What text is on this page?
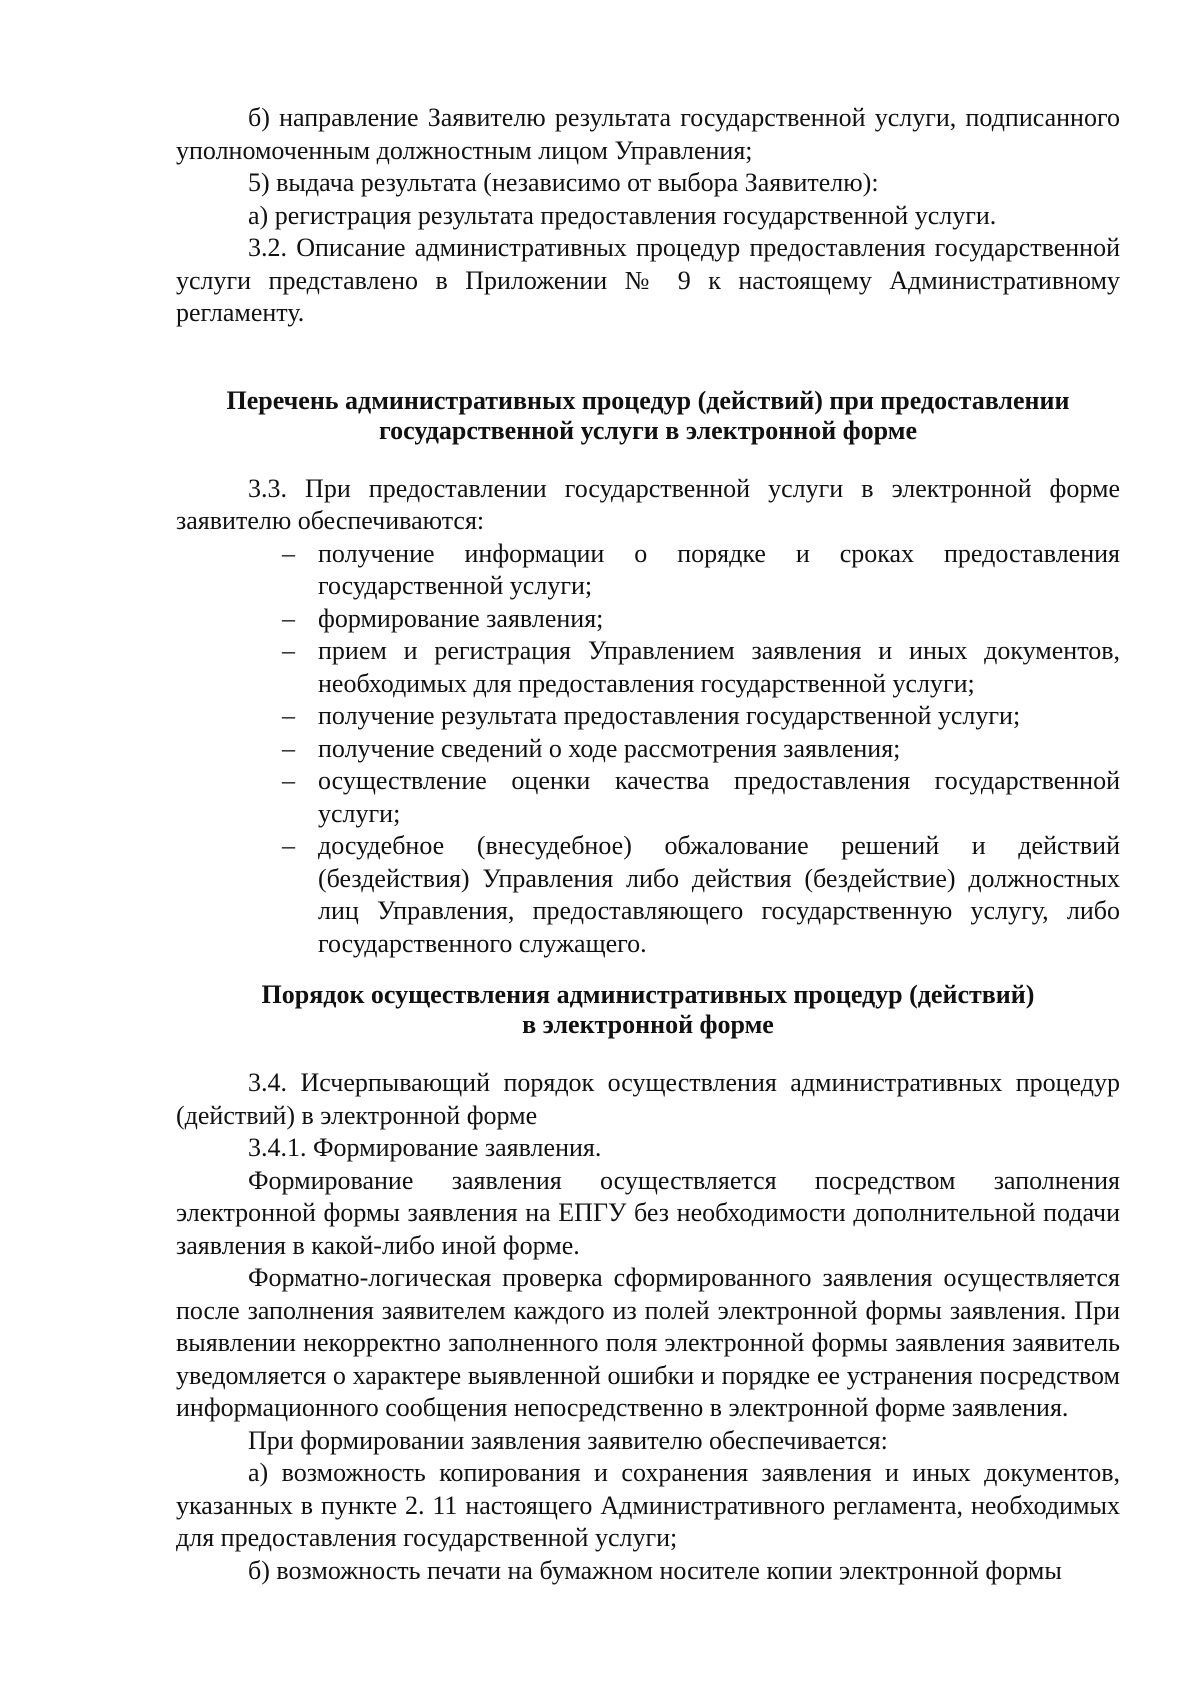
б) направление Заявителю результата государственной услуги, подписанного уполномоченным должностным лицом Управления;

5) выдача результата (независимо от выбора Заявителю):

а) регистрация результата предоставления государственной услуги.

3.2. Описание административных процедур предоставления государственной услуги представлено в Приложении № 9 к настоящему Административному регламенту.

Перечень административных процедур (действий) при предоставлении государственной услуги в электронной форме

3.3. При предоставлении государственной услуги в электронной форме заявителю обеспечиваются:

– получение информации о порядке и сроках предоставления государственной услуги;
– формирование заявления;
– прием и регистрация Управлением заявления и иных документов, необходимых для предоставления государственной услуги;
– получение результата предоставления государственной услуги;
– получение сведений о ходе рассмотрения заявления;
– осуществление оценки качества предоставления государственной услуги;
– досудебное (внесудебное) обжалование решений и действий (бездействия) Управления либо действия (бездействие) должностных лиц Управления, предоставляющего государственную услугу, либо государственного служащего.

Порядок осуществления административных процедур (действий)
в электронной форме

3.4. Исчерпывающий порядок осуществления административных процедур (действий) в электронной форме

3.4.1. Формирование заявления.

Формирование заявления осуществляется посредством заполнения электронной формы заявления на ЕПГУ без необходимости дополнительной подачи заявления в какой-либо иной форме.

Форматно-логическая проверка сформированного заявления осуществляется после заполнения заявителем каждого из полей электронной формы заявления. При выявлении некорректно заполненного поля электронной формы заявления заявитель уведомляется о характере выявленной ошибки и порядке ее устранения посредством информационного сообщения непосредственно в электронной форме заявления.

При формировании заявления заявителю обеспечивается:

а) возможность копирования и сохранения заявления и иных документов, указанных в пункте 2. 11 настоящего Административного регламента, необходимых для предоставления государственной услуги;

б) возможность печати на бумажном носителе копии электронной формы
